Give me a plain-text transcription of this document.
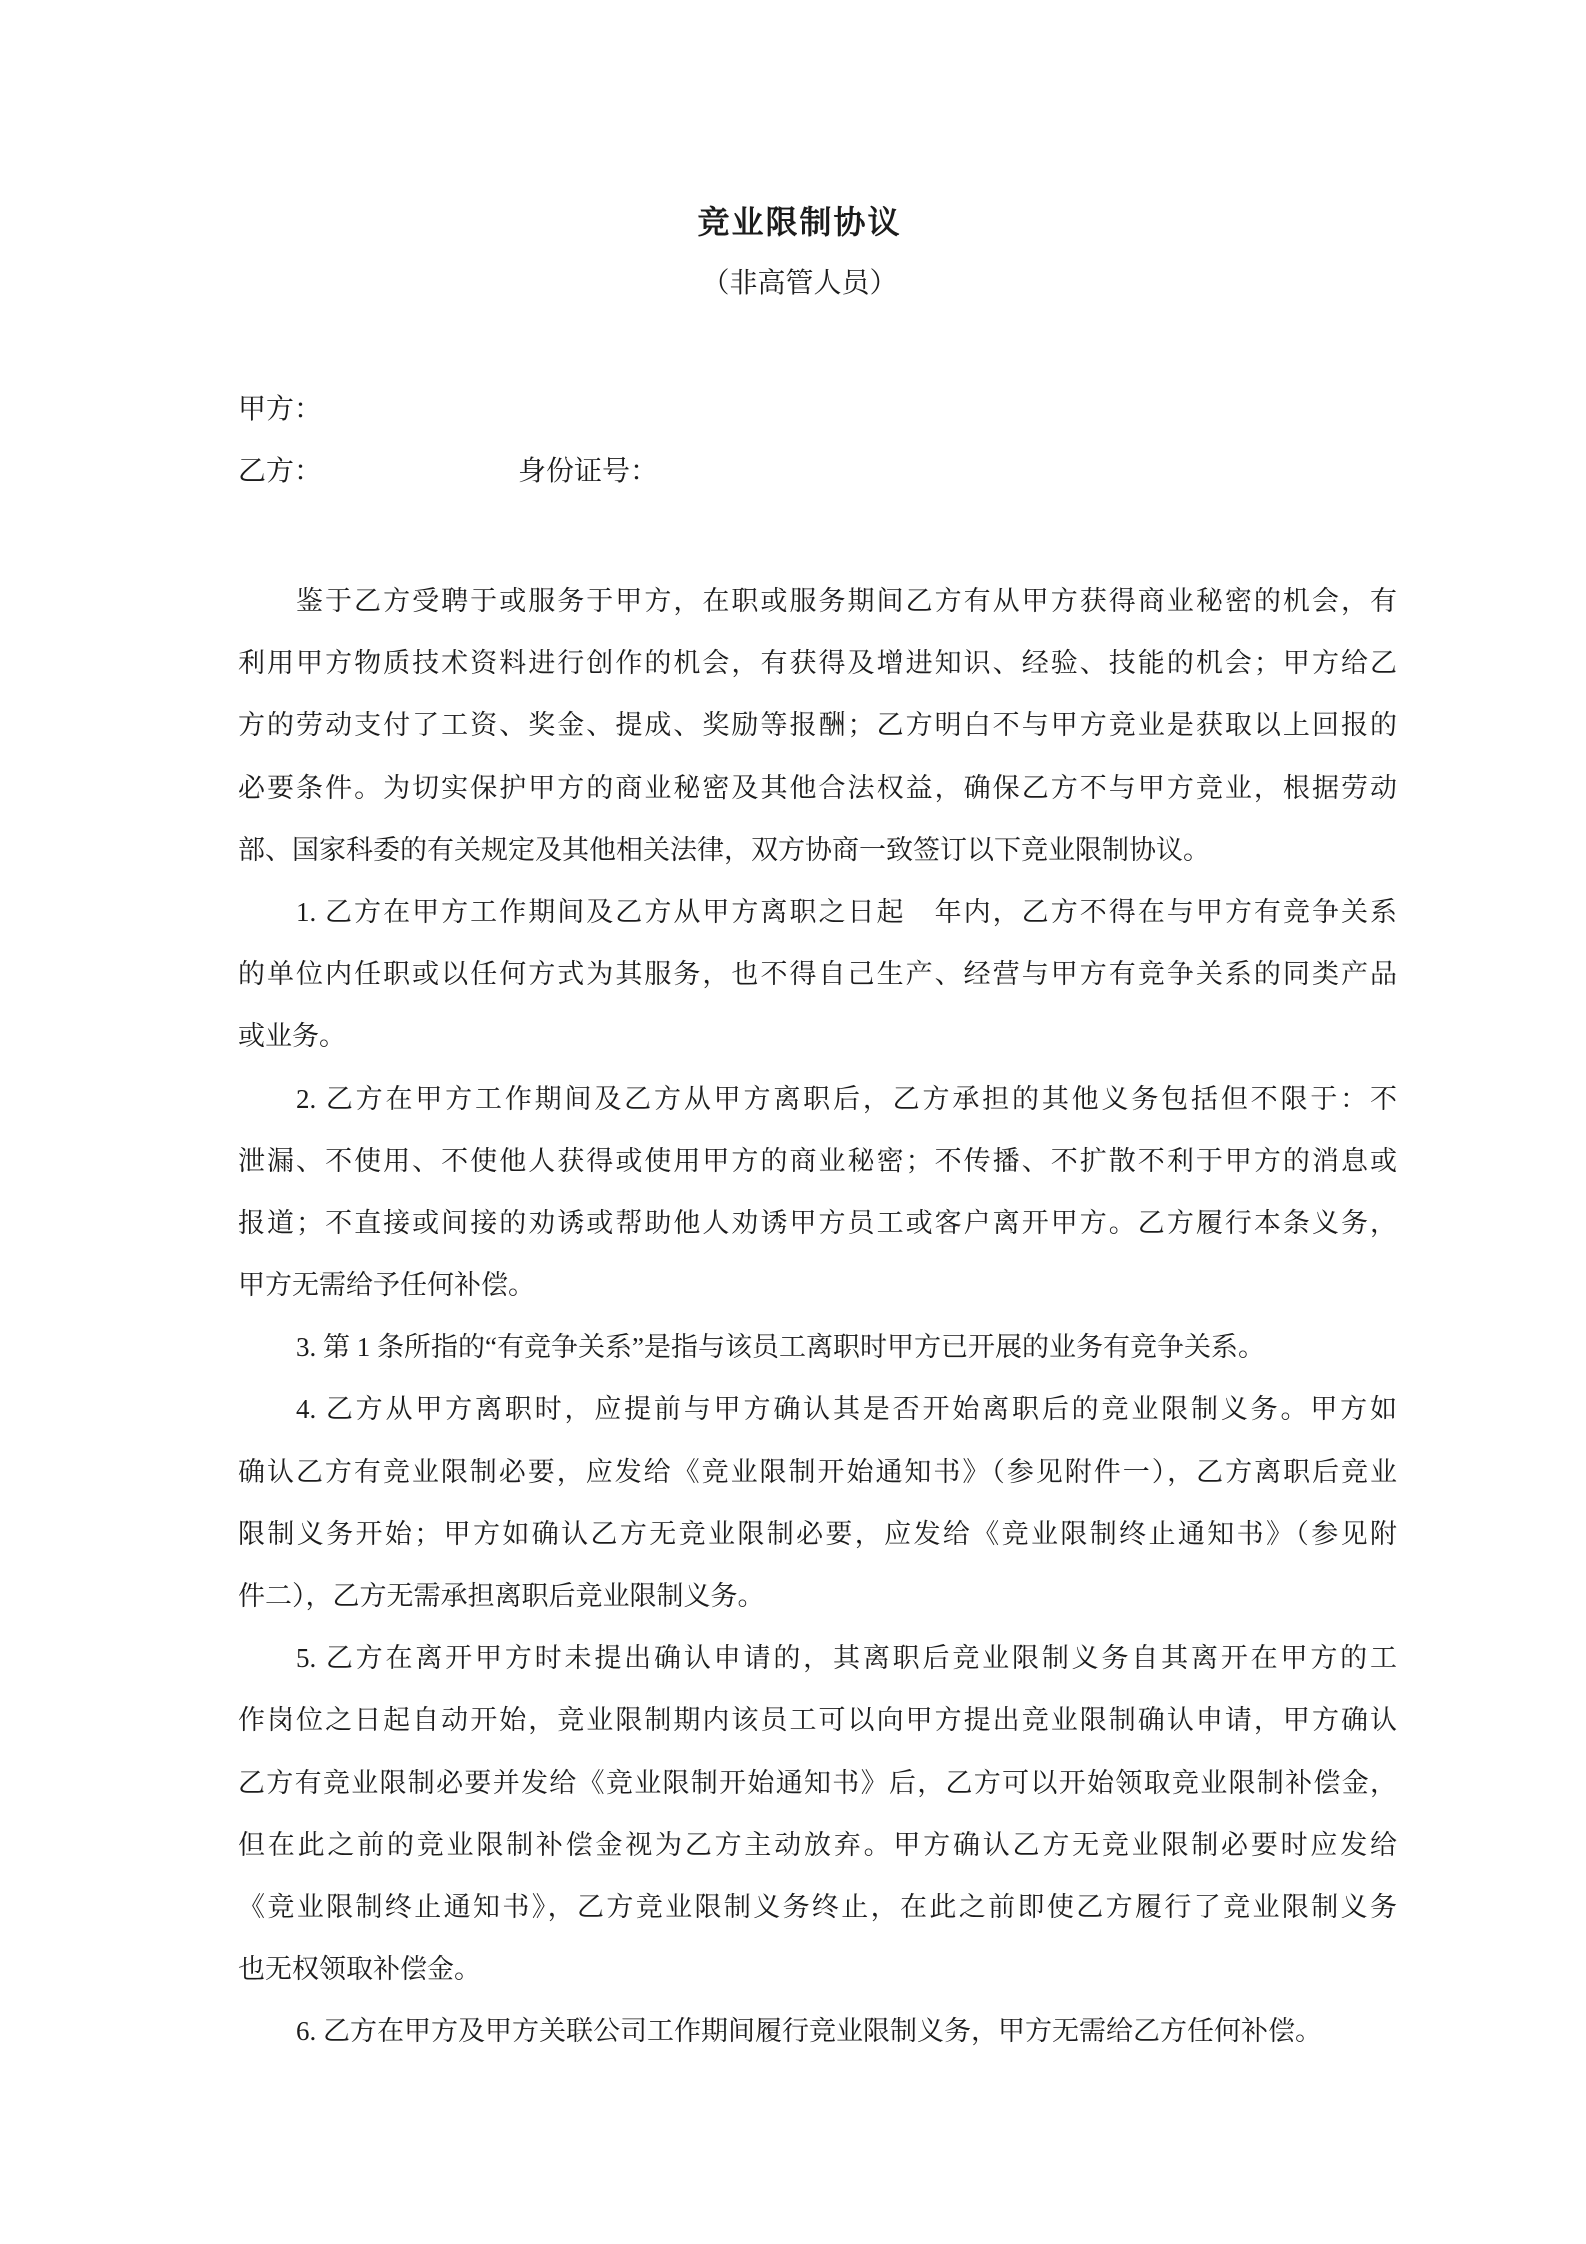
竞业限制协议
（非高管人员）
甲方：
乙方：	身份证号：
鉴于乙方受聘于或服务于甲方，在职或服务期间乙方有从甲方获得商业秘密的机会，有
利用甲方物质技术资料进行创作的机会，有获得及增进知识、经验、技能的机会；甲方给乙
方的劳动支付了工资、奖金、提成、奖励等报酬；乙方明白不与甲方竞业是获取以上回报的
必要条件。为切实保护甲方的商业秘密及其他合法权益，确保乙方不与甲方竞业，根据劳动
部、国家科委的有关规定及其他相关法律，双方协商一致签订以下竞业限制协议。
1. 乙方在甲方工作期间及乙方从甲方离职之日起　年内，乙方不得在与甲方有竞争关系
的单位内任职或以任何方式为其服务，也不得自己生产、经营与甲方有竞争关系的同类产品
或业务。
2. 乙方在甲方工作期间及乙方从甲方离职后，乙方承担的其他义务包括但不限于：不
泄漏、不使用、不使他人获得或使用甲方的商业秘密；不传播、不扩散不利于甲方的消息或
报道；不直接或间接的劝诱或帮助他人劝诱甲方员工或客户离开甲方。乙方履行本条义务，
甲方无需给予任何补偿。
3. 第 1 条所指的“有竞争关系”是指与该员工离职时甲方已开展的业务有竞争关系。
4. 乙方从甲方离职时，应提前与甲方确认其是否开始离职后的竞业限制义务。甲方如
确认乙方有竞业限制必要，应发给《竞业限制开始通知书》（参见附件一），乙方离职后竞业
限制义务开始；甲方如确认乙方无竞业限制必要，应发给《竞业限制终止通知书》（参见附
件二），乙方无需承担离职后竞业限制义务。
5. 乙方在离开甲方时未提出确认申请的，其离职后竞业限制义务自其离开在甲方的工
作岗位之日起自动开始，竞业限制期内该员工可以向甲方提出竞业限制确认申请，甲方确认
乙方有竞业限制必要并发给《竞业限制开始通知书》后，乙方可以开始领取竞业限制补偿金，
但在此之前的竞业限制补偿金视为乙方主动放弃。甲方确认乙方无竞业限制必要时应发给
《竞业限制终止通知书》，乙方竞业限制义务终止，在此之前即使乙方履行了竞业限制义务
也无权领取补偿金。
6. 乙方在甲方及甲方关联公司工作期间履行竞业限制义务，甲方无需给乙方任何补偿。
